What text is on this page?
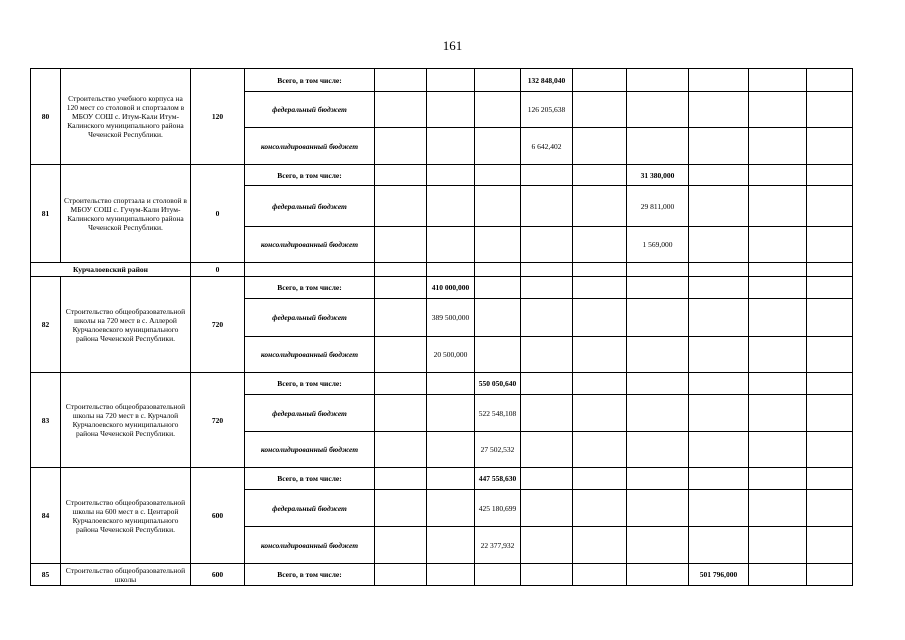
161
80	Строительство учебного корпуса на 120 мест со столовой и спортзалом в МБОУ СОШ с. Итум-Кали Итум-Калинского муниципального района Чеченской Республики.	120	Всего, в том числе:				132 848,040					
			федеральный бюджет				126 205,638					
			консолидированный бюджет				6 642,402					
81	Строительство спортзала и столовой в МБОУ СОШ с. Гучум-Кали Итум-Калинского муниципального района Чеченской Республики.	0	Всего, в том числе:						31 380,000			
			федеральный бюджет						29 811,000			
			консолидированный бюджет						1 569,000			
Курчалоевский район		0										
82	Строительство общеобразовательной школы на 720 мест в с. Аллерой Курчалоевского муниципального района Чеченской Республики.	720	Всего, в том числе:		410 000,000							
			федеральный бюджет		389 500,000							
			консолидированный бюджет		20 500,000							
83	Строительство общеобразовательной школы на 720 мест в с. Курчалой Курчалоевского муниципального района Чеченской Республики.	720	Всего, в том числе:			550 050,640						
			федеральный бюджет			522 548,108						
			консолидированный бюджет			27 502,532						
84	Строительство общеобразовательной школы на 600 мест в с. Центарой Курчалоевского муниципального района Чеченской Республики.	600	Всего, в том числе:			447 558,630						
			федеральный бюджет			425 180,699						
			консолидированный бюджет			22 377,932						
85	Строительство общеобразовательной школы	600	Всего, в том числе:							501 796,000		
